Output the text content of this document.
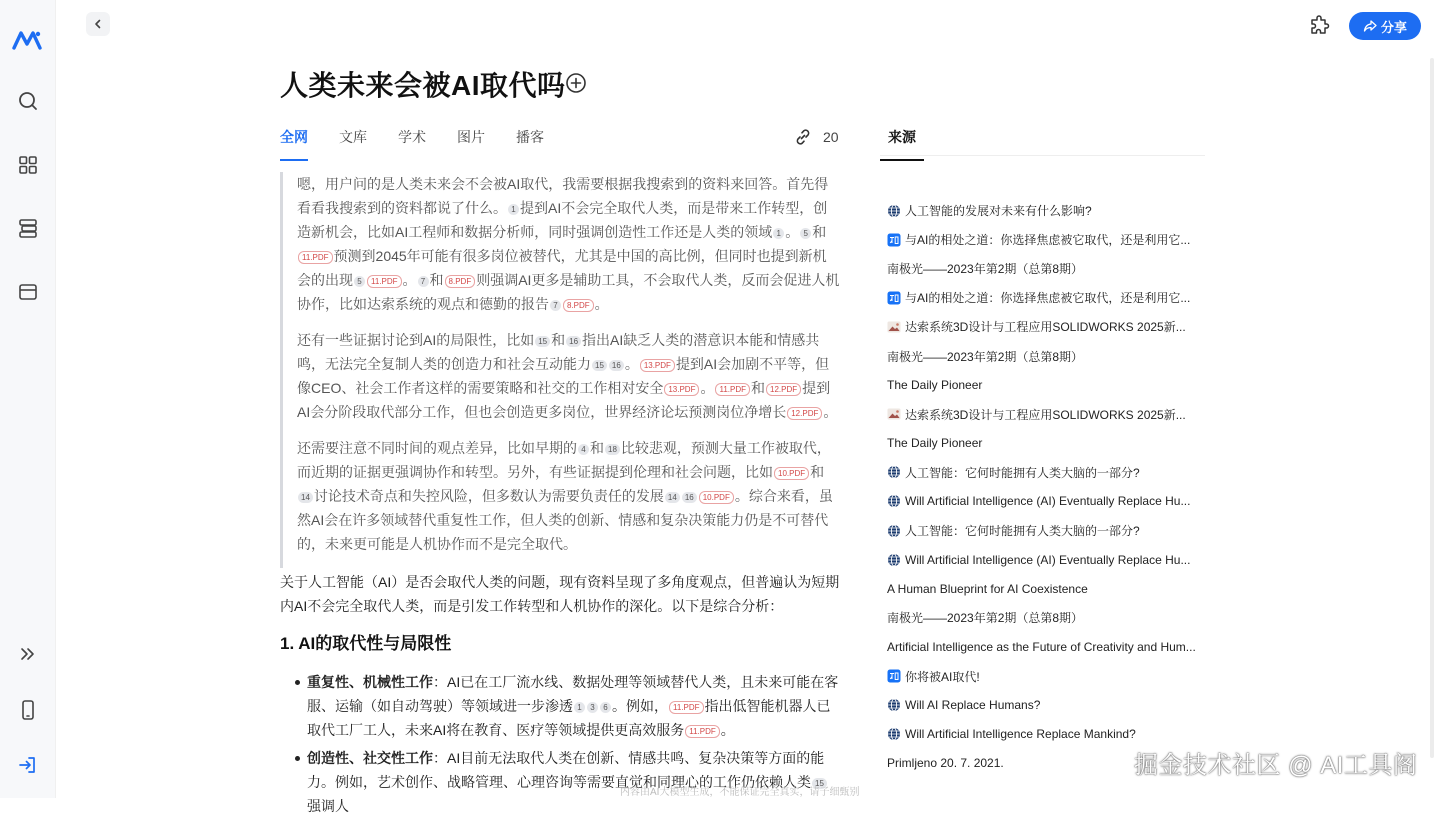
分享
人类未来会被AI取代吗
全网 文库 学术 图片 播客	20

嗯，用户问的是人类未来会不会被AI取代，我需要根据我搜索到的资料来回答。首先得看看我搜索到的资料都说了什么。 1 提到AI不会完全取代人类，而是带来工作转型，创造新机会，比如AI工程师和数据分析师，同时强调创造性工作还是人类的领域 1 。 5 和11.PDF 预测到2045年可能有很多岗位被替代，尤其是中国的高比例，但同时也提到新机会的出现 5 11.PDF 。 7 和 8.PDF 则强调AI更多是辅助工具，不会取代人类，反而会促进人机协作，比如达索系统的观点和德勤的报告 7 8.PDF 。

还有一些证据讨论到AI的局限性，比如 15 和 16 指出AI缺乏人类的潜意识本能和情感共鸣，无法完全复制人类的创造力和社会互动能力 15 16 。 13.PDF 提到AI会加剧不平等，但像CEO、社会工作者这样的需要策略和社交的工作相对安全 13.PDF 。 11.PDF 和 12.PDF 提到AI会分阶段取代部分工作，但也会创造更多岗位，世界经济论坛预测岗位净增长 12.PDF 。

还需要注意不同时间的观点差异，比如早期的 4 和 18 比较悲观，预测大量工作被取代，而近期的证据更强调协作和转型。另外，有些证据提到伦理和社会问题，比如 10.PDF 和14 讨论技术奇点和失控风险，但多数认为需要负责任的发展 14 16 10.PDF 。综合来看，虽然AI会在许多领域替代重复性工作，但人类的创新、情感和复杂决策能力仍是不可替代的，未来更可能是人机协作而不是完全取代。

关于人工智能（AI）是否会取代人类的问题，现有资料呈现了多角度观点，但普遍认为短期内AI不会完全取代人类，而是引发工作转型和人机协作的深化。以下是综合分析：

1. AI的取代性与局限性
重复性、机械性工作：AI已在工厂流水线、数据处理等领域替代人类，且未来可能在客服、运输（如自动驾驶）等领域进一步渗透 1 3 6 。例如， 11.PDF 指出低智能机器人已取代工厂工人，未来AI将在教育、医疗等领域提供更高效服务 11.PDF 。
创造性、社交性工作：AI目前无法取代人类在创新、情感共鸣、复杂决策等方面的能力。例如，艺术创作、战略管理、心理咨询等需要直觉和同理心的工作仍依赖人类 15强调人
内容由AI大模型生成，不能保证完全真实，请子细甄别
来源
人工智能的发展对未来有什么影响?
与AI的相处之道：你选择焦虑被它取代，还是利用它...
南极光——2023年第2期（总第8期）
与AI的相处之道：你选择焦虑被它取代，还是利用它...
达索系统3D设计与工程应用SOLIDWORKS 2025新...
南极光——2023年第2期（总第8期）
The Daily Pioneer
达索系统3D设计与工程应用SOLIDWORKS 2025新...
The Daily Pioneer
人工智能：它何时能拥有人类大脑的一部分?
Will Artificial Intelligence (AI) Eventually Replace Hu...
人工智能：它何时能拥有人类大脑的一部分?
Will Artificial Intelligence (AI) Eventually Replace Hu...
A Human Blueprint for AI Coexistence
南极光——2023年第2期（总第8期）
Artificial Intelligence as the Future of Creativity and Hum...
你将被AI取代!
Will AI Replace Humans?
Will Artificial Intelligence Replace Mankind?
Primljeno 20. 7. 2021.	掘金技术社区 @ AI工具阁
